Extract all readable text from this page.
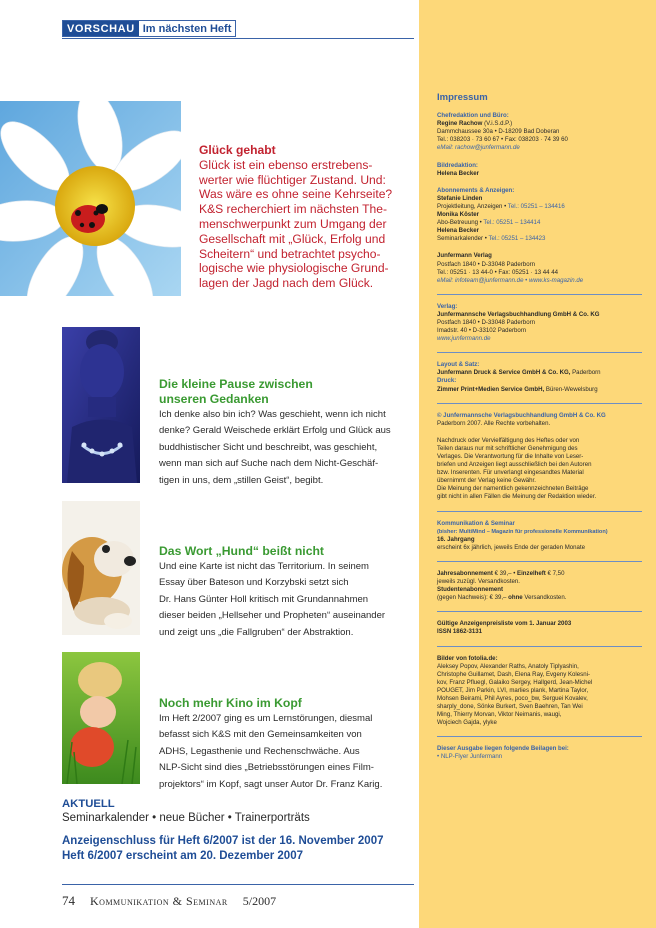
VORSCHAU Im nächsten Heft
Glück gehabt
Glück ist ein ebenso erstrebens-
werter wie flüchtiger Zustand. Und:
Was wäre es ohne seine Kehrseite?
K&S recherchiert im nächsten The-
menschwerpunkt zum Umgang der
Gesellschaft mit „Glück, Erfolg und
Scheitern“ und betrachtet psycho-
logische wie physiologische Grund-
lagen der Jagd nach dem Glück.
Die kleine Pause zwischen
unseren Gedanken
Ich denke also bin ich? Was geschieht, wenn ich nicht
denke? Gerald Weischede erklärt Erfolg und Glück aus
buddhistischer Sicht und beschreibt, was geschieht,
wenn man sich auf Suche nach dem Nicht-Geschäf-
tigen in uns, dem „stillen Geist“, begibt.
Das Wort „Hund“ beißt nicht
Und eine Karte ist nicht das Territorium. In seinem
Essay über Bateson und Korzybski setzt sich
Dr. Hans Günter Holl kritisch mit Grundannahmen
dieser beiden „Hellseher und Propheten“ auseinander
und zeigt uns „die Fallgruben“ der Abstraktion.
Noch mehr Kino im Kopf
Im Heft 2/2007 ging es um Lernstörungen, diesmal
befasst sich K&S mit den Gemeinsamkeiten von
ADHS, Legasthenie und Rechenschwäche. Aus
NLP-Sicht sind dies „Betriebsstörungen eines Film-
projektors“ im Kopf, sagt unser Autor Dr. Franz Karig.
AKTUELL
Seminarkalender • neue Bücher • Trainerporträts
Anzeigenschluss für Heft 6/2007 ist der 16. November 2007
Heft 6/2007 erscheint am 20. Dezember 2007
74 Kommunikation & Seminar 5/2007
Impressum
Chefredaktion und Büro:
Regine Rachow (V.i.S.d.P.)
Dammchaussee 30a • D-18209 Bad Doberan
Tel.: 038203 · 73 60 67 • Fax: 038203 · 74 39 60
eMail: rachow@junfermann.de
Bildredaktion:
Helena Becker
Abonnements & Anzeigen:
Stefanie Linden
Projektleitung, Anzeigen • Tel.: 05251 – 134416
Monika Köster
Abo-Betreuung • Tel.: 05251 – 134414
Helena Becker
Seminarkalender • Tel.: 05251 – 134423
Junfermann Verlag
Postfach 1840 • D-33048 Paderborn
Tel.: 05251 · 13 44-0 • Fax: 05251 · 13 44 44
eMail: infoteam@junfermann.de • www.ks-magazin.de
Verlag:
Junfermannsche Verlagsbuchhandlung GmbH & Co. KG
Postfach 1840 • D-33048 Paderborn
Imadstr. 40 • D-33102 Paderborn
www.junfermann.de
Layout & Satz:
Junfermann Druck & Service GmbH & Co. KG, Paderborn
Druck:
Zimmer Print+Medien Service GmbH, Büren-Wewelsburg
© Junfermannsche Verlagsbuchhandlung GmbH & Co. KG
Paderborn 2007. Alle Rechte vorbehalten.
Nachdruck oder Vervielfältigung des Heftes oder von
Teilen daraus nur mit schriftlicher Genehmigung des
Verlages. Die Verantwortung für die Inhalte von Leser-
briefen und Anzeigen liegt ausschließlich bei den Autoren
bzw. Inserenten. Für unverlangt eingesandtes Material
übernimmt der Verlag keine Gewähr.
Die Meinung der namentlich gekennzeichneten Beiträge
gibt nicht in allen Fällen die Meinung der Redaktion wieder.
Kommunikation & Seminar
(bisher: MultiMind – Magazin für professionelle Kommunikation)
16. Jahrgang
erscheint 6x jährlich, jeweils Ende der geraden Monate
Jahresabonnement € 39,– • Einzelheft € 7,50
jeweils zuzügl. Versandkosten.
Studentenabonnement
(gegen Nachweis): € 39,– ohne Versandkosten.
Gültige Anzeigenpreisliste vom 1. Januar 2003
ISSN 1862-3131
Bilder von fotolia.de:
Aleksey Popov, Alexander Raths, Anatoly Tiplyashin,
Christophe Guillamet, Dash, Elena Ray, Evgeny Kolesni-
kov, Franz Pfluegl, Galaiko Sergey, Hallgerd, Jean-Michel
POUGET, Jim Parkin, LVI, marlies plank, Martina Taylor,
Mohsen Beirami, Phil Ayres, poco_bw, Serguei Kovalev,
sharply_done, Sönke Burkert, Sven Baehren, Tan Wei
Ming, Thierry Morvan, Viktor Neimanis, waugi,
Wojciech Gajda, ylyke
Dieser Ausgabe liegen folgende Beilagen bei:
• NLP-Flyer Junfermann
